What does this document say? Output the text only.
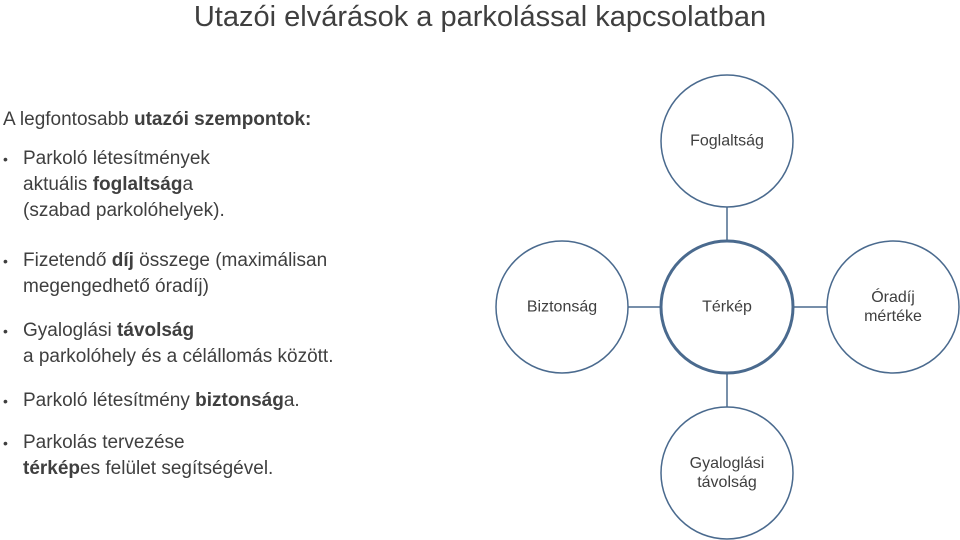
Utazói elvárások a parkolással kapcsolatban
A legfontosabb utazói szempontok:
• Parkoló létesítmények
aktuális foglaltsága
(szabad parkolóhelyek).
• Fizetendő díj összege (maximálisan
megengedhető óradíj)
• Gyaloglási távolság
a parkolóhely és a célállomás között.
• Parkoló létesítmény biztonsága.
• Parkolás tervezése
térképes felület segítségével.
Foglaltság
Biztonság	Térkép
Óradíj
mértéke
Gyaloglási
távolság
